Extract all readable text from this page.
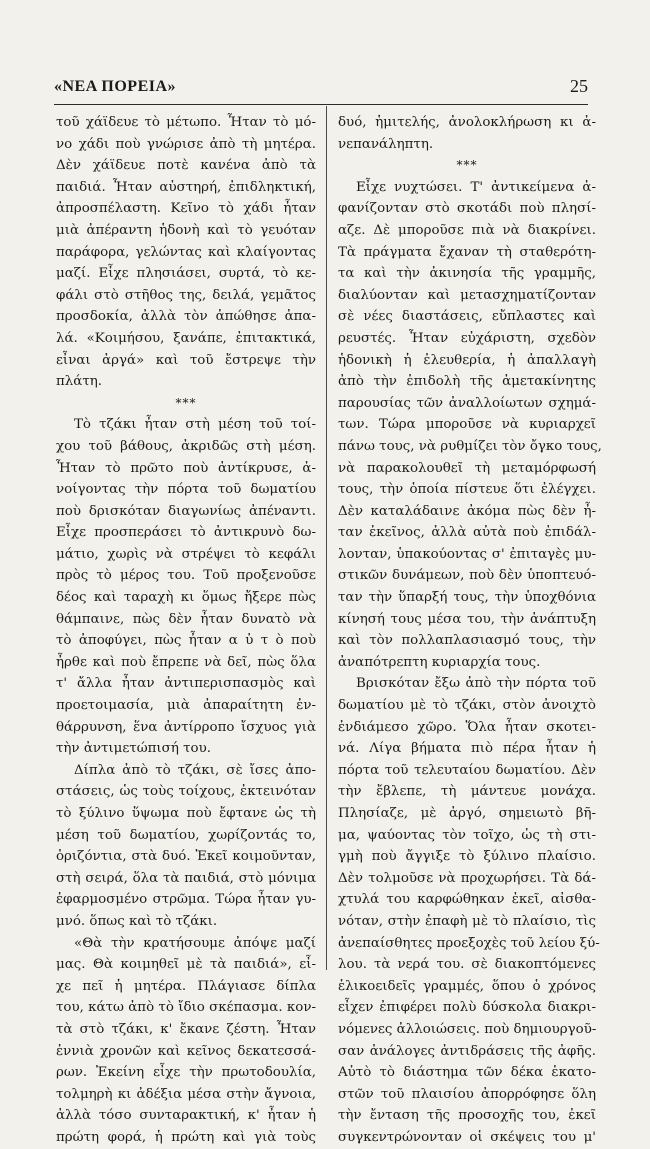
«ΝΕΑ ΠΟΡΕΙΑ»	25

τοῦ χάϊδευε τὸ μέτωπο. Ἦταν τὸ μό-
νο χάδι ποὺ γνώρισε ἀπὸ τὴ μητέρα.
Δὲν χάϊδευε ποτὲ κανένα ἀπὸ τὰ
παιδιά. Ἦταν αὐστηρή, ἐπιδληκτική,
ἀπροσπέλαστη. Κεῖνο τὸ χάδι ἦταν
μιὰ ἀπέραντη ἡδονὴ καὶ τὸ γευόταν
παράφορα, γελώντας καὶ κλαίγοντας
μαζί. Εἶχε πλησιάσει, συρτά, τὸ κε-
φάλι στὸ στῆθος της, δειλά, γεμᾶτος
προσδοκία, ἀλλὰ τὸν ἀπώθησε ἀπα-
λά. «Κοιμήσου, ξανάπε, ἐπιτακτικά,
εἶναι ἀργά» καὶ τοῦ ἔστρεψε τὴν
πλάτη.

***

Τὸ τζάκι ἦταν στὴ μέση τοῦ τοί-
χου τοῦ βάθους, ἀκριδῶς στὴ μέση.
Ἦταν τὸ πρῶτο ποὺ ἀντίκρυσε, ἀ-
νοίγοντας τὴν πόρτα τοῦ δωματίου
ποὺ δρισκόταν διαγωνίως ἀπέναντι.
Εἶχε προσπεράσει τὸ ἀντικρυνὸ δω-
μάτιο, χωρὶς νὰ στρέψει τὸ κεφάλι
πρὸς τὸ μέρος του. Τοῦ προξενοῦσε
δέος καὶ ταραχὴ κι ὅμως ἤξερε πὼς
θάμπαινε, πὼς δὲν ἦταν δυνατὸ νὰ
τὸ ἀποφύγει, πὼς ἦταν α ὐ τ ὸ ποὺ
ἦρθε καὶ ποὺ ἔπρεπε νὰ δεῖ, πὼς ὅλα
τ' ἄλλα ἦταν ἀντιπερισπασμὸς καὶ
προετοιμασία, μιὰ ἀπαραίτητη ἐν-
θάρρυνση, ἕνα ἀντίρροπο ἴσχυος γιὰ
τὴν ἀντιμετώπισή του.

Δίπλα ἀπὸ τὸ τζάκι, σὲ ἴσες ἀπο-
στάσεις, ὡς τοὺς τοίχους, ἐκτεινόταν
τὸ ξύλινο ὕψωμα ποὺ ἔφτανε ὡς τὴ
μέση τοῦ δωματίου, χωρίζοντάς το,
ὁριζόντια, στὰ δυό. Ἐκεῖ κοιμοῦνταν,
στὴ σειρά, ὅλα τὰ παιδιά, στὸ μόνιμα
ἐφαρμοσμένο στρῶμα. Τώρα ἦταν γυ-
μνό. ὅπως καὶ τὸ τζάκι.

«Θὰ τὴν κρατήσουμε ἀπόψε μαζί
μας. Θὰ κοιμηθεῖ μὲ τὰ παιδιά», εἶ-
χε πεῖ ἡ μητέρα. Πλάγιασε δίπλα
του, κάτω ἀπὸ τὸ ἴδιο σκέπασμα. κον-
τὰ στὸ τζάκι, κ' ἔκανε ζέστη. Ἦταν
ἐννιὰ χρονῶν καὶ κεῖνος δεκατεσσά-
ρων. Ἐκείνη εἶχε τὴν πρωτοδουλία,
τολμηρὴ κι ἀδέξια μέσα στὴν ἄγνοια,
ἀλλὰ τόσο συνταρακτική, κ' ἦταν ἡ
πρώτη φορά, ἡ πρώτη καὶ γιὰ τοὺς

δυό, ἡμιτελής, ἀνολοκλήρωση κι ἀ-
νεπανάληπτη.

***

Εἶχε νυχτώσει. Τ' ἀντικείμενα ἀ-
φανίζονταν στὸ σκοτάδι ποὺ πλησί-
αζε. Δὲ μποροῦσε πιὰ νὰ διακρίνει.
Τὰ πράγματα ἔχαναν τὴ σταθερότη-
τα καὶ τὴν ἀκινησία τῆς γραμμῆς,
διαλύονταν καὶ μετασχηματίζονταν
σὲ νέες διαστάσεις, εὔπλαστες καὶ
ρευστές. Ἦταν εὐχάριστη, σχεδὸν
ἡδονικὴ ἡ ἐλευθερία, ἡ ἀπαλλαγὴ
ἀπὸ τὴν ἐπιδολὴ τῆς ἀμετακίνητης
παρουσίας τῶν ἀναλλοίωτων σχημά-
των. Τώρα μποροῦσε νὰ κυριαρχεῖ
πάνω τους, νὰ ρυθμίζει τὸν ὄγκο τους,
νὰ παρακολουθεῖ τὴ μεταμόρφωσή
τους, τὴν ὁποία πίστευε ὅτι ἐλέγχει.
Δὲν καταλάδαινε ἀκόμα πὼς δὲν ἦ-
ταν ἐκεῖνος, ἀλλὰ αὐτὰ ποὺ ἐπιδάλ-
λονταν, ὑπακούοντας σ' ἐπιταγὲς μυ-
στικῶν δυνάμεων, ποὺ δὲν ὑποπτευό-
ταν τὴν ὕπαρξή τους, τὴν ὑποχθόνια
κίνησή τους μέσα του, τὴν ἀνάπτυξη
καὶ τὸν πολλαπλασιασμό τους, τὴν
ἀναπότρεπτη κυριαρχία τους.

Βρισκόταν ἔξω ἀπὸ τὴν πόρτα τοῦ
δωματίου μὲ τὸ τζάκι, στὸν ἀνοιχτὸ
ἐνδιάμεσο χῶρο. Ὅλα ἦταν σκοτει-
νά. Λίγα βήματα πιὸ πέρα ἦταν ἡ
πόρτα τοῦ τελευταίου δωματίου. Δὲν
τὴν ἔβλεπε, τὴ μάντευε μονάχα.
Πλησίαζε, μὲ ἀργό, σημειωτὸ βῆ-
μα, ψαύοντας τὸν τοῖχο, ὡς τὴ στι-
γμὴ ποὺ ἄγγιξε τὸ ξύλινο πλαίσιο.
Δὲν τολμοῦσε νὰ προχωρήσει. Τὰ δά-
χτυλά του καρφώθηκαν ἐκεῖ, αἰσθα-
νόταν, στὴν ἐπαφὴ μὲ τὸ πλαίσιο, τὶς
ἀνεπαίσθητες προεξοχὲς τοῦ λείου ξύ-
λου. τὰ νερά του. σὲ διακοπτόμενες
ἑλικοειδεῖς γραμμές, ὅπου ὁ χρόνος
εἶχεν ἐπιφέρει πολὺ δύσκολα διακρι-
νόμενες ἀλλοιώσεις. ποὺ δημιουργοῦ-
σαν ἀνάλογες ἀντιδράσεις τῆς ἀφῆς.
Αὐτὸ τὸ διάστημα τῶν δέκα ἑκατο-
στῶν τοῦ πλαισίου ἀπορρόφησε ὅλη
τὴν ἔνταση τῆς προσοχῆς του, ἐκεῖ
συγκεντρώνονταν οἱ σκέψεις του μ'
